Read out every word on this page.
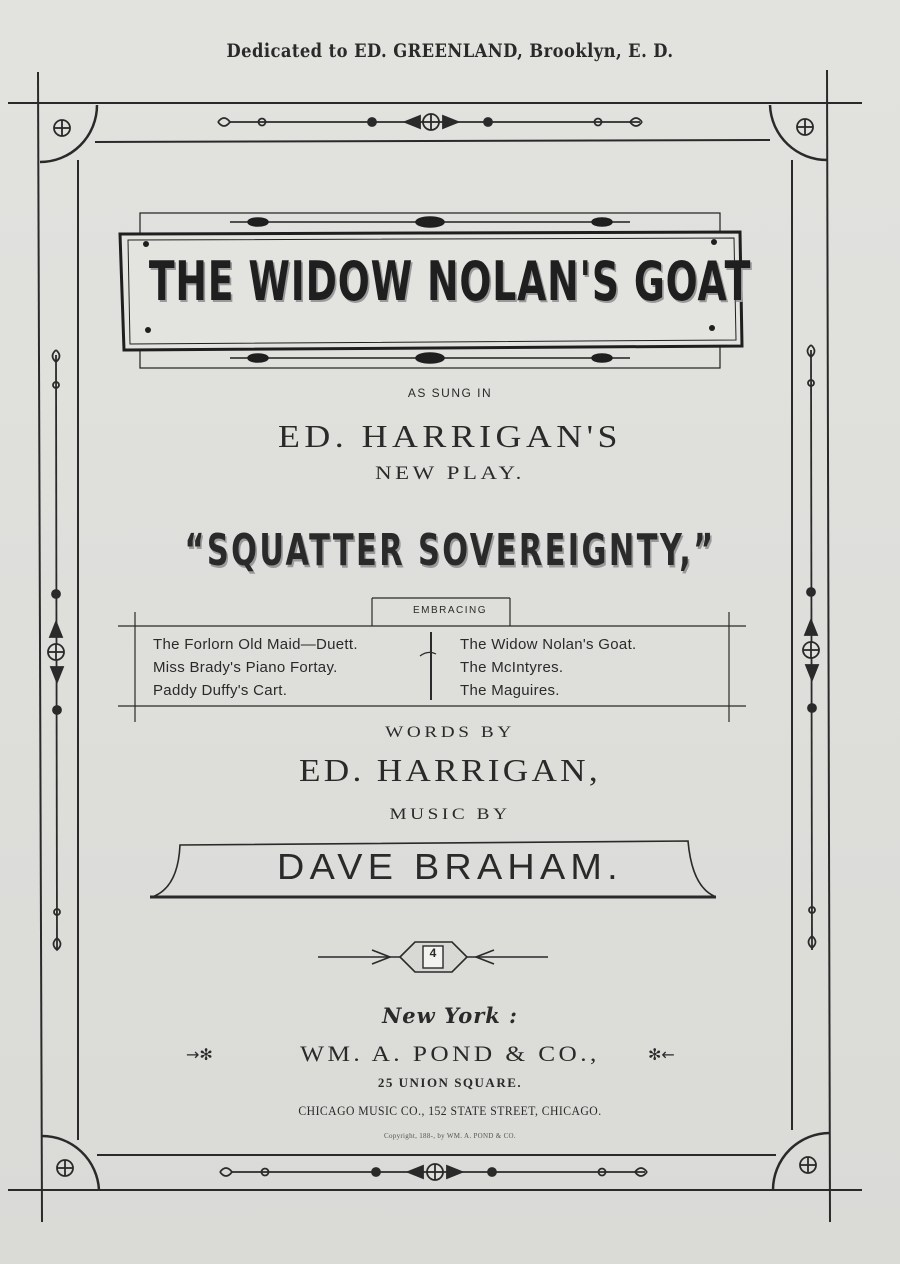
→✻	✻←
Dedicated to ED. GREENLAND, Brooklyn, E. D.
THE WIDOW NOLAN'S GOAT
AS SUNG IN
ED. HARRIGAN'S
NEW PLAY.
“SQUATTER SOVEREIGNTY,”
EMBRACING
The Forlorn Old Maid—Duett.
Miss Brady's Piano Fortay.
Paddy Duffy's Cart.
The Widow Nolan's Goat.
The McIntyres.
The Maguires.
WORDS BY
ED. HARRIGAN,
MUSIC BY
DAVE BRAHAM.
4
New York :
WM. A. POND & CO.,
25 UNION SQUARE.
CHICAGO MUSIC CO., 152 STATE STREET, CHICAGO.
Copyright, 188-, by WM. A. POND & CO.
